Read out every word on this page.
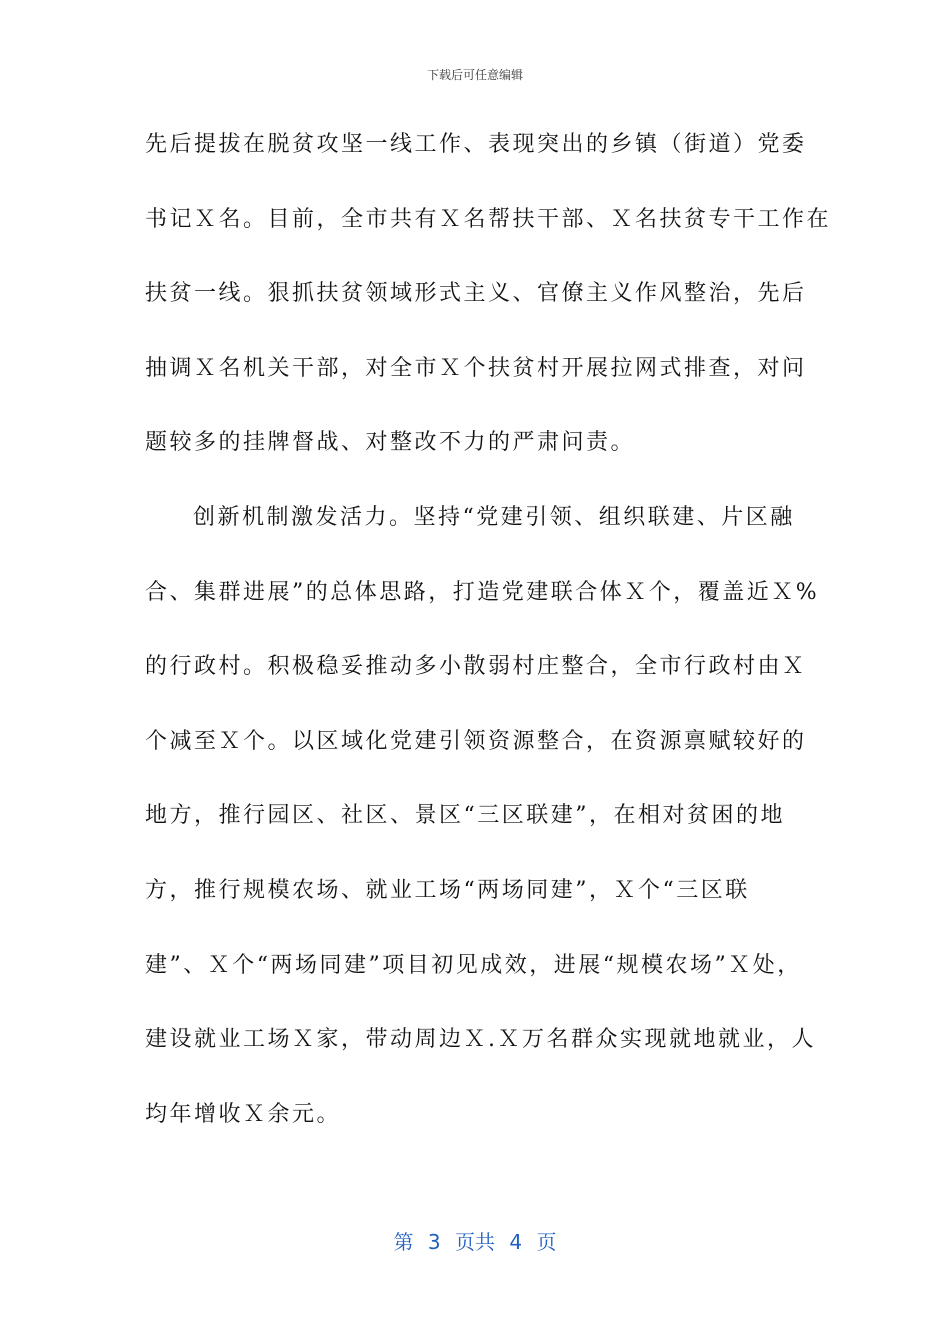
下载后可任意编辑
先后提拔在脱贫攻坚一线工作、表现突出的乡镇（街道）党委
书记Ｘ名。目前，全市共有Ｘ名帮扶干部、Ｘ名扶贫专干工作在
扶贫一线。狠抓扶贫领域形式主义、官僚主义作风整治，先后
抽调Ｘ名机关干部，对全市Ｘ个扶贫村开展拉网式排查，对问
题较多的挂牌督战、对整改不力的严肃问责。
创新机制激发活力。坚持“党建引领、组织联建、片区融
合、集群进展”的总体思路，打造党建联合体Ｘ个，覆盖近Ｘ%
的行政村。积极稳妥推动多小散弱村庄整合，全市行政村由Ｘ
个减至Ｘ个。以区域化党建引领资源整合，在资源禀赋较好的
地方，推行园区、社区、景区“三区联建”，在相对贫困的地
方，推行规模农场、就业工场“两场同建”，Ｘ个“三区联
建”、Ｘ个“两场同建”项目初见成效，进展“规模农场”Ｘ处，
建设就业工场Ｘ家，带动周边Ｘ.Ｘ万名群众实现就地就业，人
均年增收Ｘ余元。
第 3 页共 4 页
